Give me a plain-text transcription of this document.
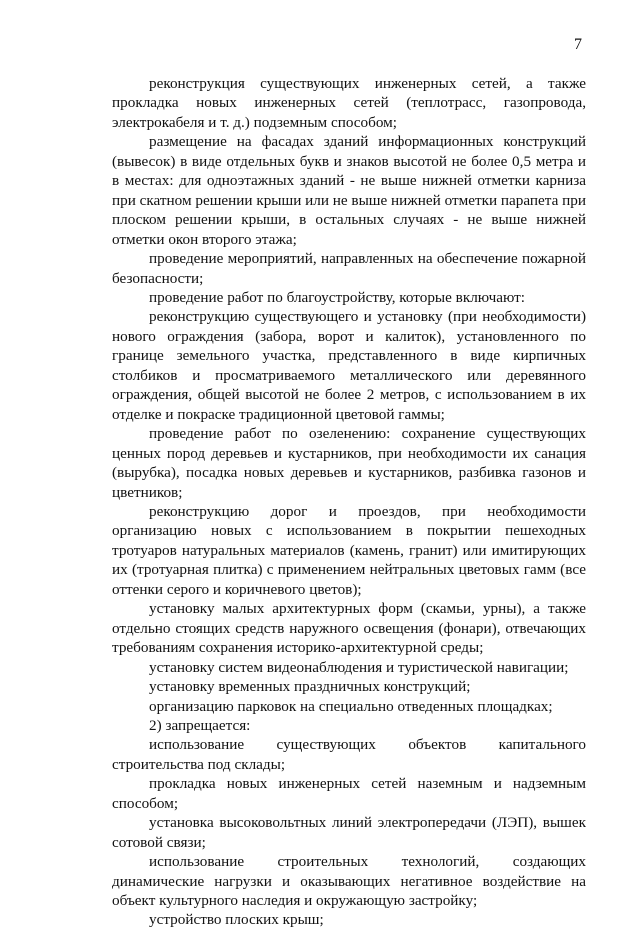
7

реконструкция существующих инженерных сетей, а также прокладка новых инженерных сетей (теплотрасс, газопровода, электрокабеля и т. д.) подземным способом;

размещение на фасадах зданий информационных конструкций (вывесок) в виде отдельных букв и знаков высотой не более 0,5 метра и в местах: для одноэтажных зданий - не выше нижней отметки карниза при скатном решении крыши или не выше нижней отметки парапета при плоском решении крыши, в остальных случаях - не выше нижней отметки окон второго этажа;

проведение мероприятий, направленных на обеспечение пожарной безопасности;

проведение работ по благоустройству, которые включают:

реконструкцию существующего и установку (при необходимости) нового ограждения (забора, ворот и калиток), установленного по границе земельного участка, представленного в виде кирпичных столбиков и просматриваемого металлического или деревянного ограждения, общей высотой не более 2 метров, с использованием в их отделке и покраске традиционной цветовой гаммы;

проведение работ по озеленению: сохранение существующих ценных пород деревьев и кустарников, при необходимости их санация (вырубка), посадка новых деревьев и кустарников, разбивка газонов и цветников;

реконструкцию дорог и проездов, при необходимости организацию новых с использованием в покрытии пешеходных тротуаров натуральных материалов (камень, гранит) или имитирующих их (тротуарная плитка) с применением нейтральных цветовых гамм (все оттенки серого и коричневого цветов);

установку малых архитектурных форм (скамьи, урны), а также отдельно стоящих средств наружного освещения (фонари), отвечающих требованиям сохранения историко-архитектурной среды;

установку систем видеонаблюдения и туристической навигации;

установку временных праздничных конструкций;

организацию парковок на специально отведенных площадках;

2) запрещается:

использование существующих объектов капитального строительства под склады;

прокладка новых инженерных сетей наземным и надземным способом;

установка высоковольтных линий электропередачи (ЛЭП), вышек сотовой связи;

использование строительных технологий, создающих динамические нагрузки и оказывающих негативное воздействие на объект культурного наследия и окружающую застройку;

устройство плоских крыш;
